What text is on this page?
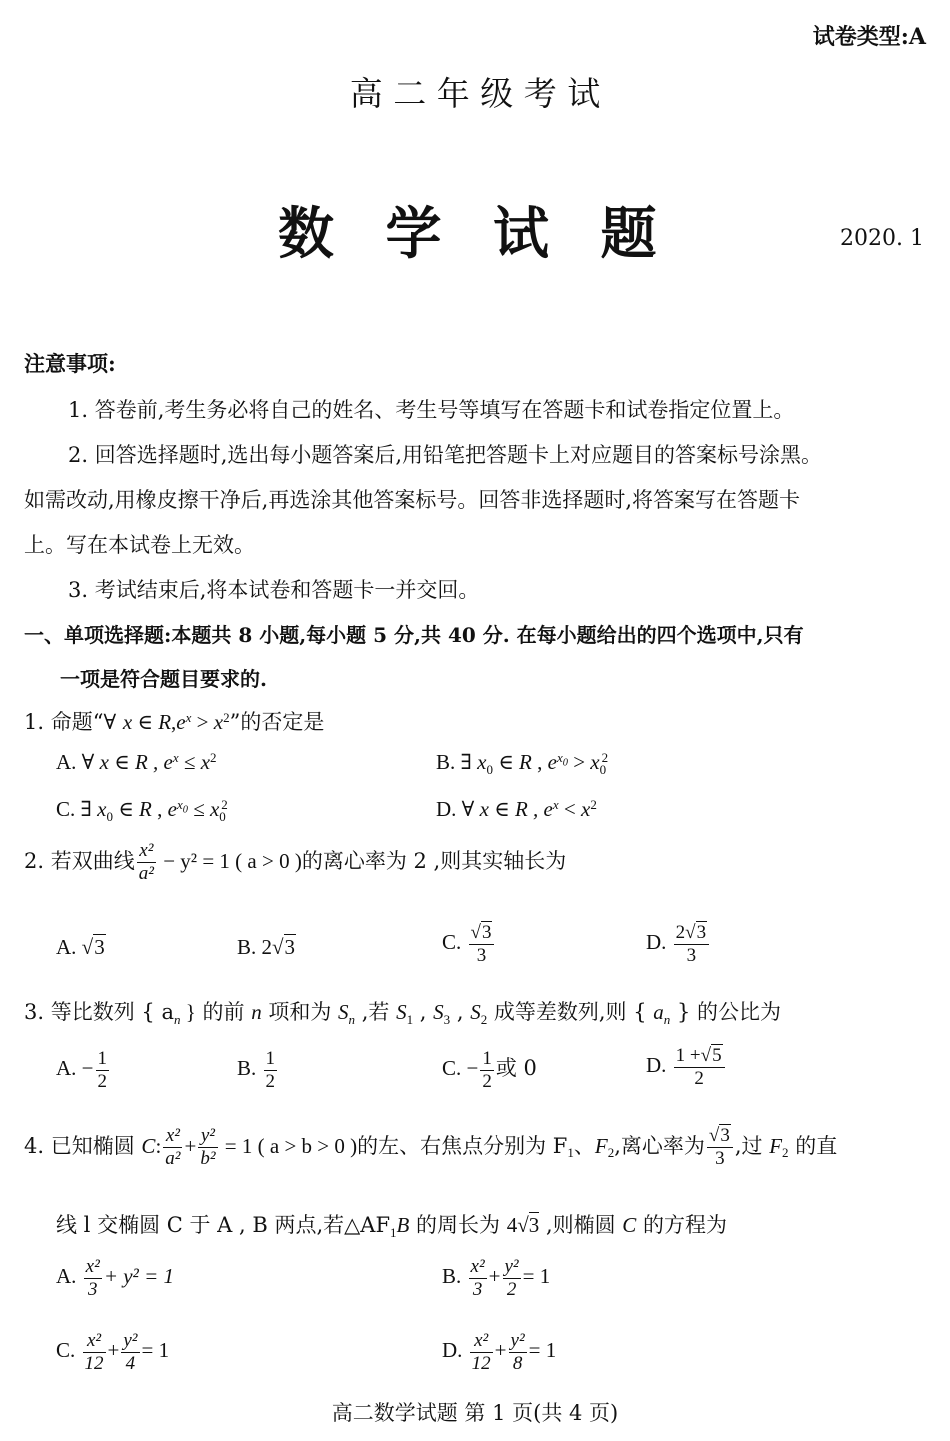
试卷类型:A
高 二 年 级 考 试
数 学 试 题	2020. 1
注意事项:
1. 答卷前,考生务必将自己的姓名、考生号等填写在答题卡和试卷指定位置上。
2. 回答选择题时,选出每小题答案后,用铅笔把答题卡上对应题目的答案标号涂黑。
如需改动,用橡皮擦干净后,再选涂其他答案标号。回答非选择题时,将答案写在答题卡
上。写在本试卷上无效。
3. 考试结束后,将本试卷和答题卡一并交回。
一、单项选择题:本题共 8 小题,每小题 5 分,共 40 分. 在每小题给出的四个选项中,只有
一项是符合题目要求的.
1. 命题“∀ x ∈ $R,e^x > x^2$”的否定是
A. ∀ x ∈ R , $e^x \le x^2$	B. ∃ $x_0$ ∈ R , $e^{x_0} > x_0^2$
C. ∃ $x_0$ ∈ R , $e^{x_0} \le x_0^2$	D. ∀ x ∈ R , $e^x < x^2$
2. 若双曲线 $\frac{\text{x²}}{\text{a²}} - y^2 = 1$ ( a > 0 )的离心率为 2 ,则其实轴长为
A. √3	B. 2√3	C. $\frac{√3}{3}$	D. $\frac{2√3}{3}$
3. 等比数列 { $a_n$ } 的前 n 项和为 $S_n$ ,若 $S_1$ , $S_3$ , $S_2$ 成等差数列,则 { $a_n$ } 的公比为
A. − $\frac{1}{2}$	B. $\frac{1}{2}$	C. − $\frac{1}{2}$ 或 0	D. $\frac{1 +√5}{2}$
4. 已知椭圆 C: $\frac{\text{x²}}{\text{a²}} + \frac{\text{y²}}{\text{b²}} = 1$ ( a > b > 0 )的左、右焦点分别为 $F_1$、$F_2$,离心率为 $\frac{√3}{3}$ ,过 $F_2$ 的直
线 l 交椭圆 C 于 A , B 两点,若$\triangle AF_1B$ 的周长为 4√3 ,则椭圆 C 的方程为
A. $\frac{\text{x²}}{3} + y^2 = 1$	B. $\frac{\text{x²}}{3} + \frac{\text{y²}}{2} = 1$
C. $\frac{\text{x²}}{12} + \frac{\text{y²}}{4} = 1$	D. $\frac{\text{x²}}{12} + \frac{\text{y²}}{8} = 1$
高二数学试题 第 1 页(共 4 页)
